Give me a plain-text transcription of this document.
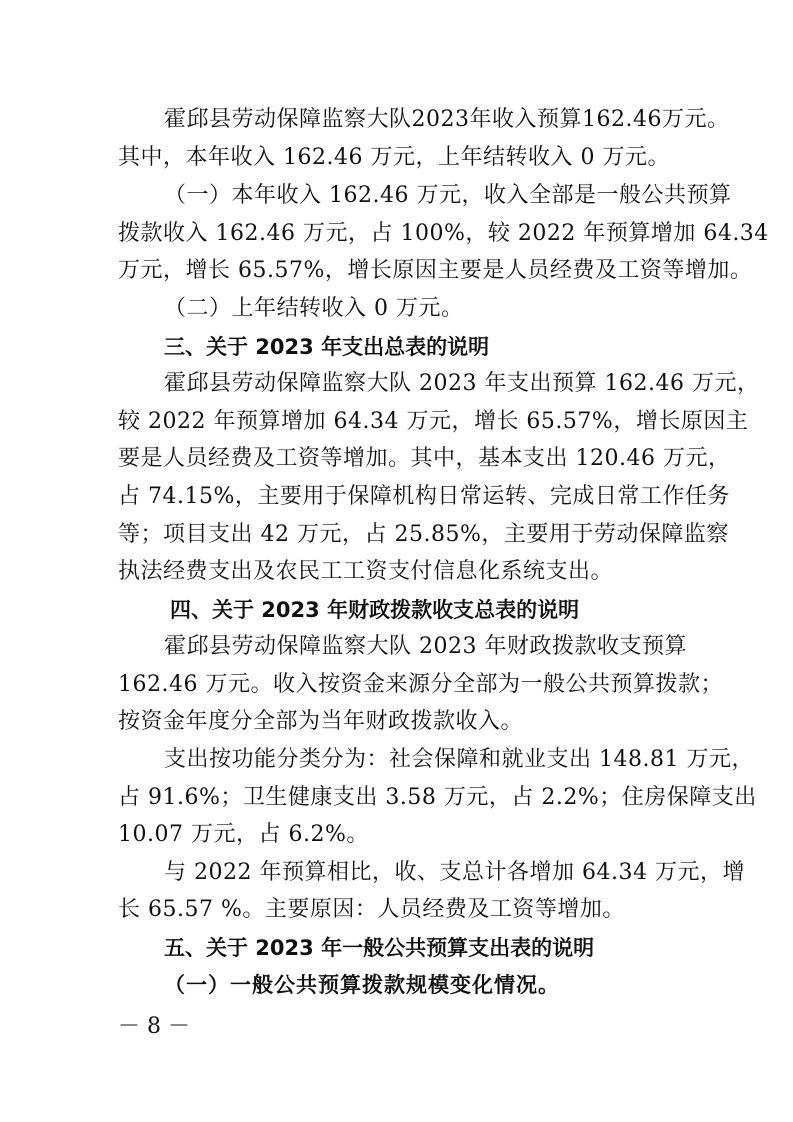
霍邱县劳动保障监察大队2023年收入预算162.46万元。

其中，本年收入 162.46 万元，上年结转收入 0 万元。

（一）本年收入 162.46 万元，收入全部是一般公共预算

拨款收入 162.46 万元，占 100%，较 2022 年预算增加 64.34

万元，增长 65.57%，增长原因主要是人员经费及工资等增加。

（二）上年结转收入 0 万元。

三、关于 2023 年支出总表的说明

霍邱县劳动保障监察大队 2023 年支出预算 162.46 万元，

较 2022 年预算增加 64.34 万元，增长 65.57%，增长原因主

要是人员经费及工资等增加。其中，基本支出 120.46 万元，

占 74.15%，主要用于保障机构日常运转、完成日常工作任务

等；项目支出 42 万元，占 25.85%，主要用于劳动保障监察

执法经费支出及农民工工资支付信息化系统支出。

四、关于 2023 年财政拨款收支总表的说明

霍邱县劳动保障监察大队 2023 年财政拨款收支预算

162.46 万元。收入按资金来源分全部为一般公共预算拨款；

按资金年度分全部为当年财政拨款收入。

支出按功能分类分为：社会保障和就业支出 148.81 万元，

占 91.6%；卫生健康支出 3.58 万元，占 2.2%；住房保障支出

10.07 万元，占 6.2%。

与 2022 年预算相比，收、支总计各增加 64.34 万元，增

长 65.57 %。主要原因：人员经费及工资等增加。

五、关于 2023 年一般公共预算支出表的说明

（一）一般公共预算拨款规模变化情况。

－ 8 －
